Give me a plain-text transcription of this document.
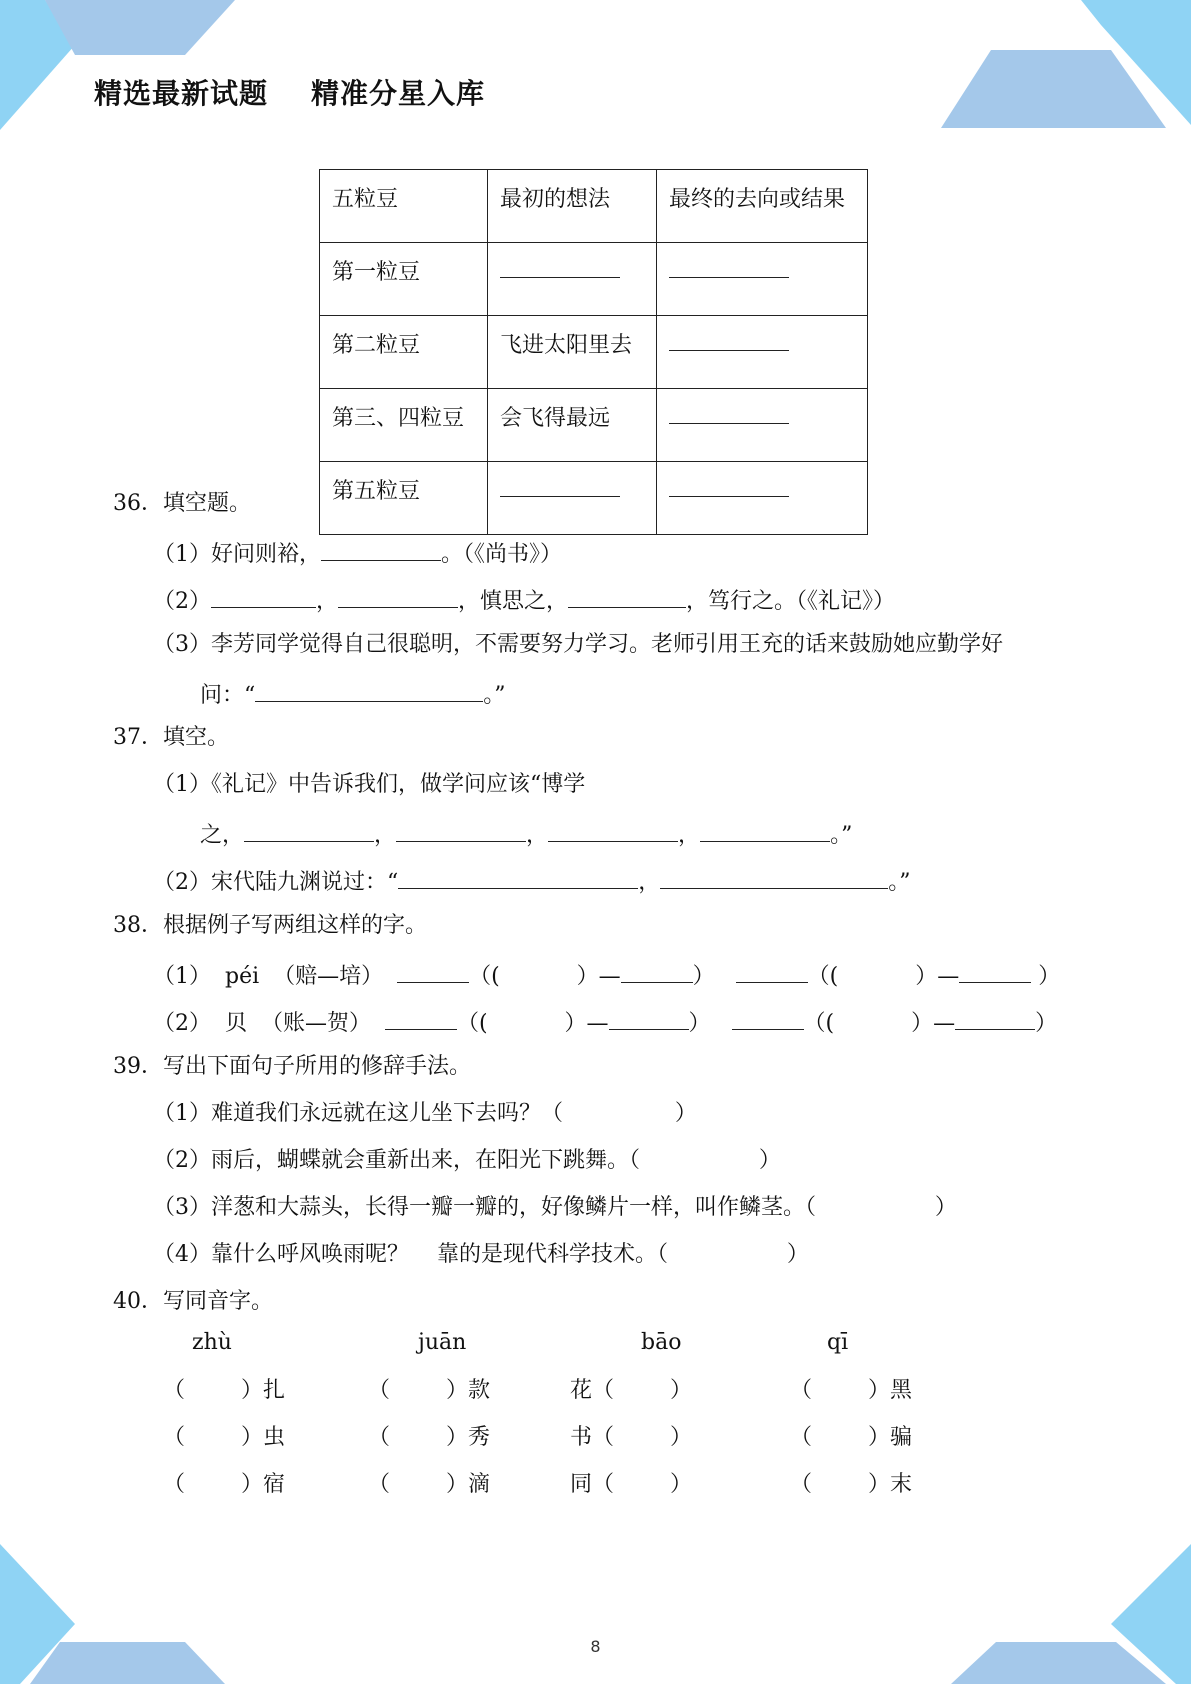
精选最新试题    精准分星入库
五粒豆	最初的想法	最终的去向或结果
第一粒豆		
第二粒豆	飞进太阳里去	
第三、四粒豆	会飞得最远	
第五粒豆		
36．填空题。
（1）好问则裕，	。（《尚书》）
（2）	，	，慎思之，	，笃行之。（《礼记》）
（3）李芳同学觉得自己很聪明，不需要努力学习。老师引用王充的话来鼓励她应勤学好
问：“	。”
37．填空。
（1）《礼记》中告诉我们，做学问应该“博学
之，	，	，	，	。”
（2）宋代陆九渊说过：“	，	。”
38．根据例子写两组这样的字。
（1）  péi  （赔—培）	（(	）—	）	（(	）—	）
（2）  贝  （账—贺）	（(	）—	）	（(	）—	）
39．写出下面句子所用的修辞手法。
（1）难道我们永远就在这儿坐下去吗？（	）
（2）雨后，蝴蝶就会重新出来，在阳光下跳舞。（	）
（3）洋葱和大蒜头，长得一瓣一瓣的，好像鳞片一样，叫作鳞茎。（	）
（4）靠什么呼风唤雨呢？    靠的是现代科学技术。（	）
40．写同音字。
zhù	juān	bāo	qī
（	）扎	（	）款	花（	）	（	）黑
（	）虫	（	）秀	书（	）	（	）骗
（	）宿	（	）滴	同（	）	（	）末
8
